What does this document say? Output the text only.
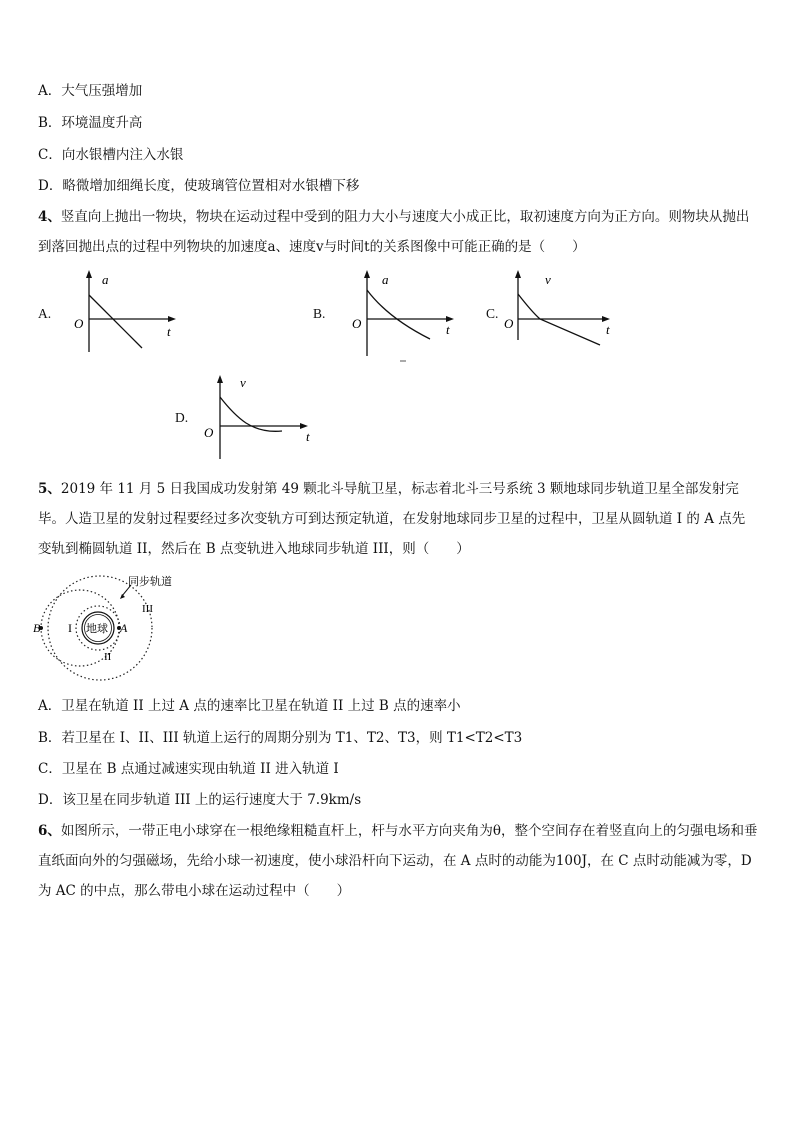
A．大气压强增加
B．环境温度升高
C．向水银槽内注入水银
D．略微增加细绳长度，使玻璃管位置相对水银槽下移
4、竖直向上抛出一物块，物块在运动过程中受到的阻力大小与速度大小成正比，取初速度方向为正方向。则物块从抛出到落回抛出点的过程中列物块的加速度a、速度v与时间t的关系图像中可能正确的是（　　）
A.
a
O
t
B.
a
O	t
C.
v
O	t
D.
v
O	t
5、2019 年 11 月 5 日我国成功发射第 49 颗北斗导航卫星，标志着北斗三号系统 3 颗地球同步轨道卫星全部发射完毕。人造卫星的发射过程要经过多次变轨方可到达预定轨道，在发射地球同步卫星的过程中，卫星从圆轨道 I 的 A 点先变轨到椭圆轨道 II，然后在 B 点变轨进入地球同步轨道 III，则（　　）
同步轨道
地球
I
II
III
A
B
A．卫星在轨道 II 上过 A 点的速率比卫星在轨道 II 上过 B 点的速率小
B．若卫星在 I、II、III 轨道上运行的周期分别为 T1、T2、T3，则 T1<T2<T3
C．卫星在 B 点通过减速实现由轨道 II 进入轨道 I
D．该卫星在同步轨道 III 上的运行速度大于 7.9km/s
6、如图所示，一带正电小球穿在一根绝缘粗糙直杆上，杆与水平方向夹角为θ，整个空间存在着竖直向上的匀强电场和垂直纸面向外的匀强磁场，先给小球一初速度，使小球沿杆向下运动，在 A 点时的动能为100J，在 C 点时动能减为零，D 为 AC 的中点，那么带电小球在运动过程中（　　）
